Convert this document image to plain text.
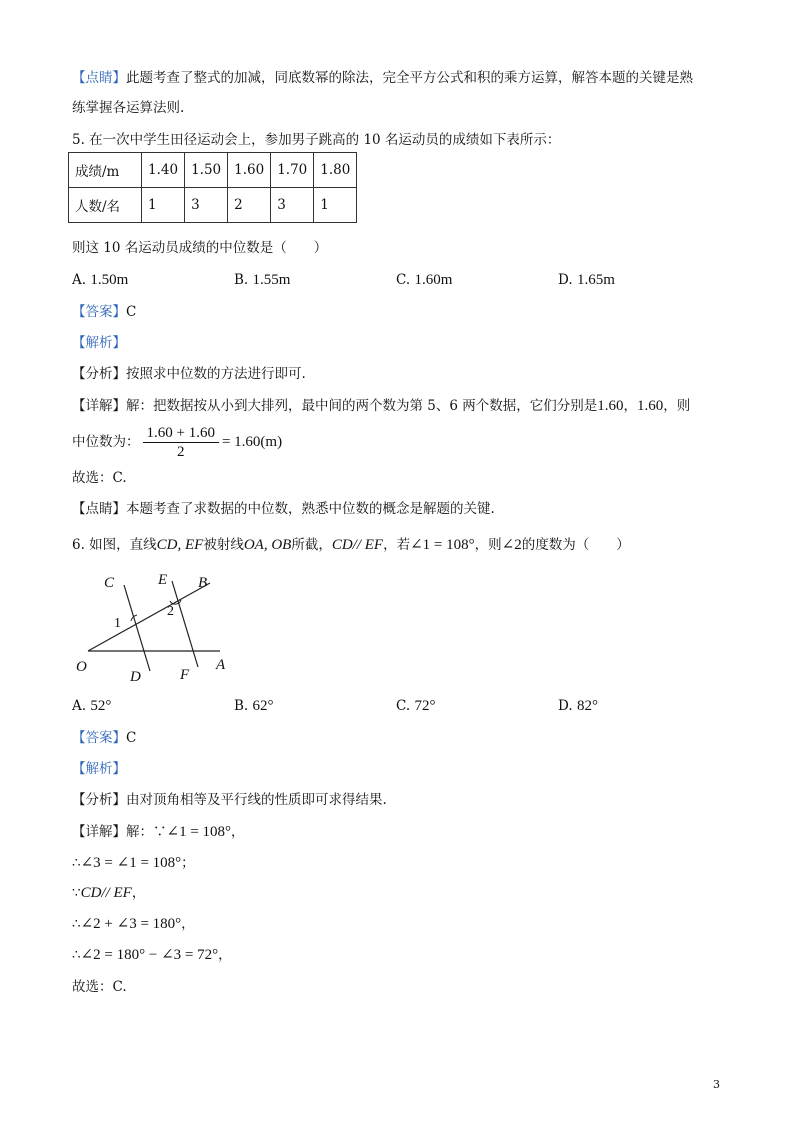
【点睛】此题考查了整式的加减，同底数幂的除法，完全平方公式和积的乘方运算，解答本题的关键是熟
练掌握各运算法则.
5. 在一次中学生田径运动会上，参加男子跳高的 10 名运动员的成绩如下表所示：
成绩/m	1.40	1.50	1.60	1.70	1.80
人数/名	1	3	2	3	1
则这 10 名运动员成绩的中位数是（　　）
A. 1.50m	B. 1.55m	C. 1.60m	D. 1.65m
【答案】C
【解析】
【分析】按照求中位数的方法进行即可.
【详解】解：把数据按从小到大排列，最中间的两个数为第 5、6 两个数据，它们分别是1.60，1.60，则
中位数为： $\frac{1.60 + 1.60}{2} = 1.60(m)$
故选：C.
【点睛】本题考查了求数据的中位数，熟悉中位数的概念是解题的关键.
6. 如图，直线CD, EF被射线OA, OB所截，CD// EF，若∠1 = 108°，则∠2的度数为（　　）
C	E B
O
D	F
A
1
2
A. 52°	B. 62°	C. 72°	D. 82°
【答案】C
【解析】
【分析】由对顶角相等及平行线的性质即可求得结果.
【详解】解：∵∠1 = 108°，
∴∠3 = ∠1 = 108°；
∵CD// EF，
∴∠2 + ∠3 = 180°，
∴∠2 = 180° − ∠3 = 72°，
故选：C.
3
